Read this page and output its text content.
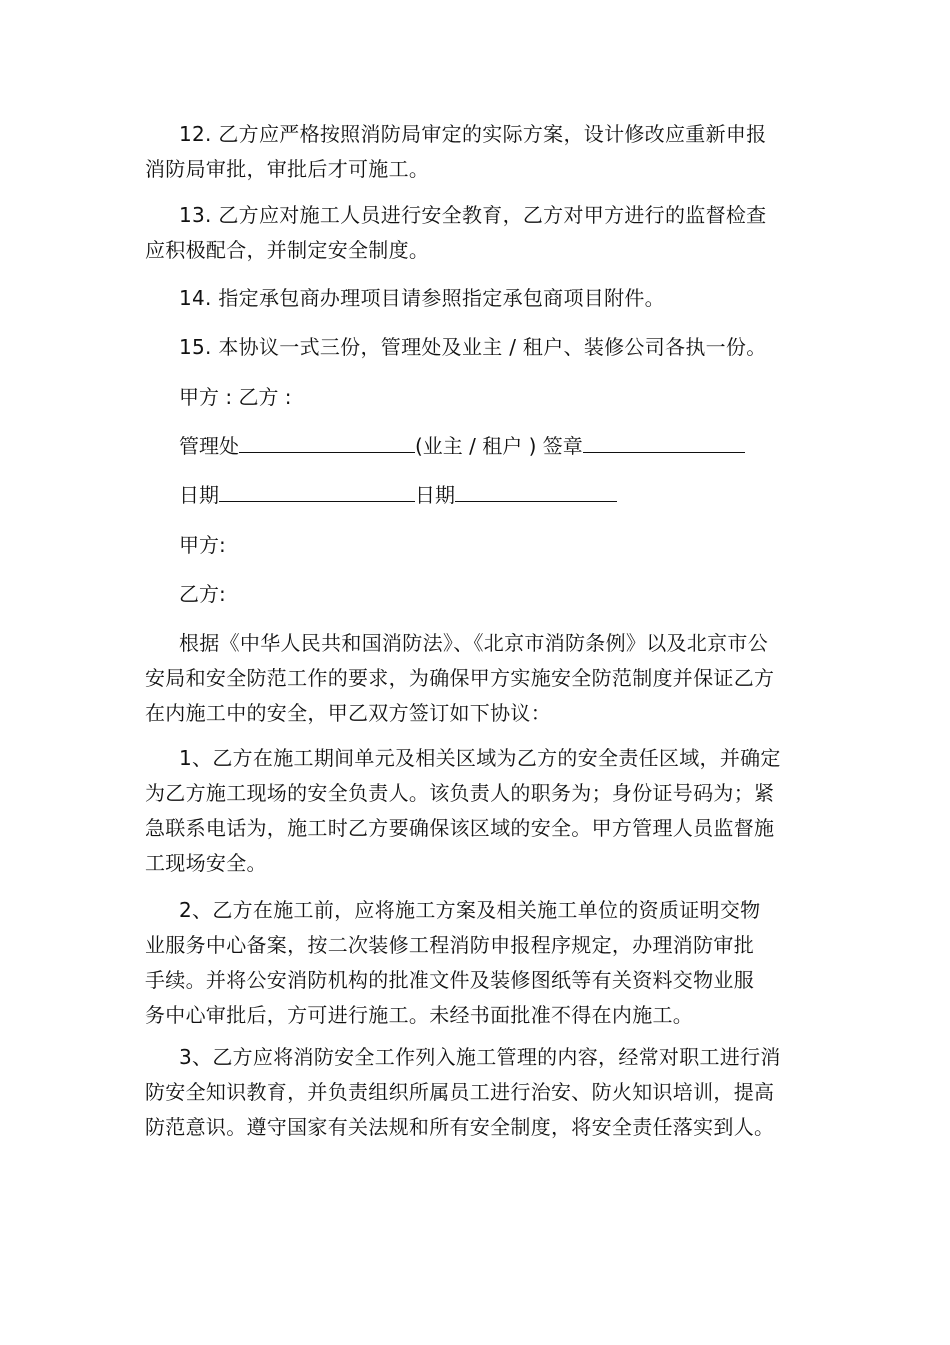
12. 乙方应严格按照消防局审定的实际方案，设计修改应重新申报消防局审批，审批后才可施工。

13. 乙方应对施工人员进行安全教育，乙方对甲方进行的监督检查应积极配合，并制定安全制度。

14. 指定承包商办理项目请参照指定承包商项目附件。

15. 本协议一式三份，管理处及业主 / 租户、装修公司各执一份。

甲方 : 乙方 :

管理处	(业主 / 租户 ) 签章

日期	日期

甲方:

乙方:

根据《中华人民共和国消防法》、《北京市消防条例》以及北京市公安局和安全防范工作的要求，为确保甲方实施安全防范制度并保证乙方在内施工中的安全，甲乙双方签订如下协议：

1、乙方在施工期间单元及相关区域为乙方的安全责任区域，并确定为乙方施工现场的安全负责人。该负责人的职务为；身份证号码为；紧急联系电话为，施工时乙方要确保该区域的安全。甲方管理人员监督施工现场安全。

2、乙方在施工前，应将施工方案及相关施工单位的资质证明交物业服务中心备案，按二次装修工程消防申报程序规定，办理消防审批手续。并将公安消防机构的批准文件及装修图纸等有关资料交物业服务中心审批后，方可进行施工。未经书面批准不得在内施工。

3、乙方应将消防安全工作列入施工管理的内容，经常对职工进行消防安全知识教育，并负责组织所属员工进行治安、防火知识培训，提高防范意识。遵守国家有关法规和所有安全制度，将安全责任落实到人。
